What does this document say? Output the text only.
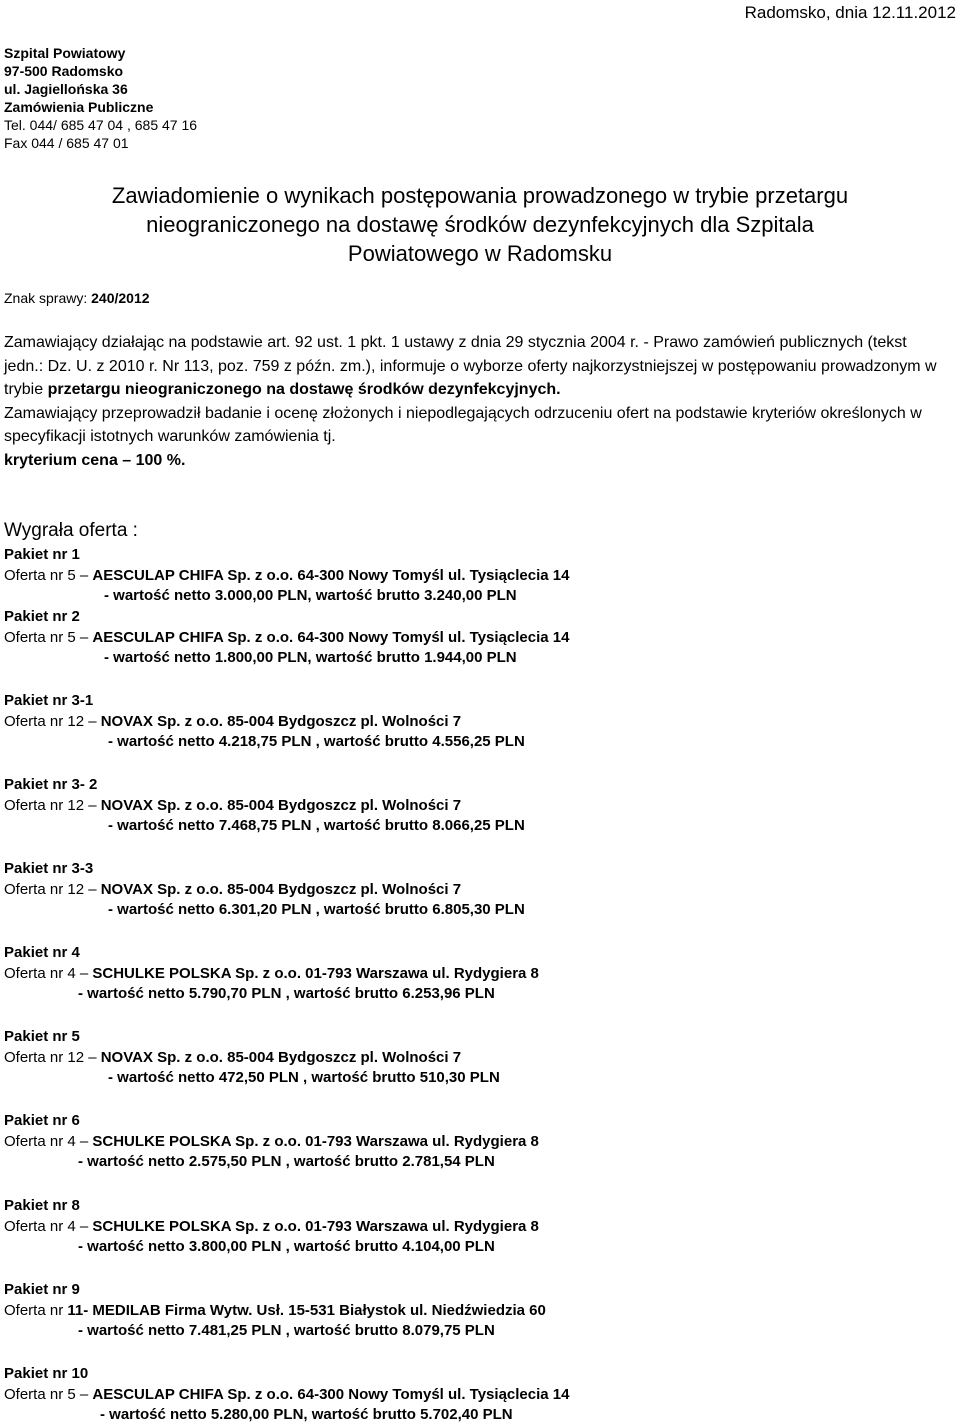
Radomsko, dnia 12.11.2012
Szpital Powiatowy
97-500 Radomsko
ul. Jagiellońska 36
Zamówienia Publiczne
Tel. 044/ 685 47 04 , 685 47 16
Fax 044 / 685 47 01
Zawiadomienie o wynikach postępowania prowadzonego w trybie przetargu
nieograniczonego na dostawę środków dezynfekcyjnych dla Szpitala
Powiatowego w Radomsku
Znak sprawy: 240/2012
Zamawiający działając na podstawie art. 92 ust. 1 pkt. 1 ustawy z dnia 29 stycznia 2004 r. - Prawo zamówień publicznych (tekst jedn.: Dz. U. z 2010 r. Nr 113, poz. 759 z późn. zm.), informuje o wyborze oferty najkorzystniejszej w postępowaniu prowadzonym w trybie przetargu nieograniczonego na dostawę środków dezynfekcyjnych.
Zamawiający przeprowadził badanie i ocenę złożonych i niepodlegających odrzuceniu ofert na podstawie kryteriów określonych w specyfikacji istotnych warunków zamówienia tj.
kryterium cena – 100 %.
Wygrała oferta :
Pakiet nr 1
Oferta nr 5 – AESCULAP CHIFA Sp. z o.o. 64-300 Nowy Tomyśl ul. Tysiąclecia 14
- wartość netto 3.000,00 PLN, wartość brutto 3.240,00 PLN
Pakiet nr 2
Oferta nr 5 – AESCULAP CHIFA Sp. z o.o. 64-300 Nowy Tomyśl ul. Tysiąclecia 14
- wartość netto 1.800,00 PLN, wartość brutto 1.944,00 PLN
Pakiet nr 3-1
Oferta nr 12 – NOVAX Sp. z o.o. 85-004 Bydgoszcz pl. Wolności 7
- wartość netto 4.218,75 PLN , wartość brutto 4.556,25 PLN
Pakiet nr 3- 2
Oferta nr 12 – NOVAX Sp. z o.o. 85-004 Bydgoszcz pl. Wolności 7
- wartość netto 7.468,75 PLN , wartość brutto 8.066,25 PLN
Pakiet nr 3-3
Oferta nr 12 – NOVAX Sp. z o.o. 85-004 Bydgoszcz pl. Wolności 7
- wartość netto 6.301,20 PLN , wartość brutto 6.805,30 PLN
Pakiet nr 4
Oferta nr 4 – SCHULKE POLSKA Sp. z o.o. 01-793 Warszawa ul. Rydygiera 8
- wartość netto 5.790,70 PLN , wartość brutto 6.253,96 PLN
Pakiet nr 5
Oferta nr 12 – NOVAX Sp. z o.o. 85-004 Bydgoszcz pl. Wolności 7
- wartość netto 472,50 PLN , wartość brutto 510,30 PLN
Pakiet nr 6
Oferta nr 4 – SCHULKE POLSKA Sp. z o.o. 01-793 Warszawa ul. Rydygiera 8
- wartość netto 2.575,50 PLN , wartość brutto 2.781,54 PLN
Pakiet nr 8
Oferta nr 4 – SCHULKE POLSKA Sp. z o.o. 01-793 Warszawa ul. Rydygiera 8
- wartość netto 3.800,00 PLN , wartość brutto 4.104,00 PLN
Pakiet nr 9
Oferta nr 11- MEDILAB Firma Wytw. Usł. 15-531 Białystok ul. Niedźwiedzia 60
- wartość netto 7.481,25 PLN , wartość brutto 8.079,75 PLN
Pakiet nr 10
Oferta nr 5 – AESCULAP CHIFA Sp. z o.o. 64-300 Nowy Tomyśl ul. Tysiąclecia 14
- wartość netto 5.280,00 PLN, wartość brutto 5.702,40 PLN
